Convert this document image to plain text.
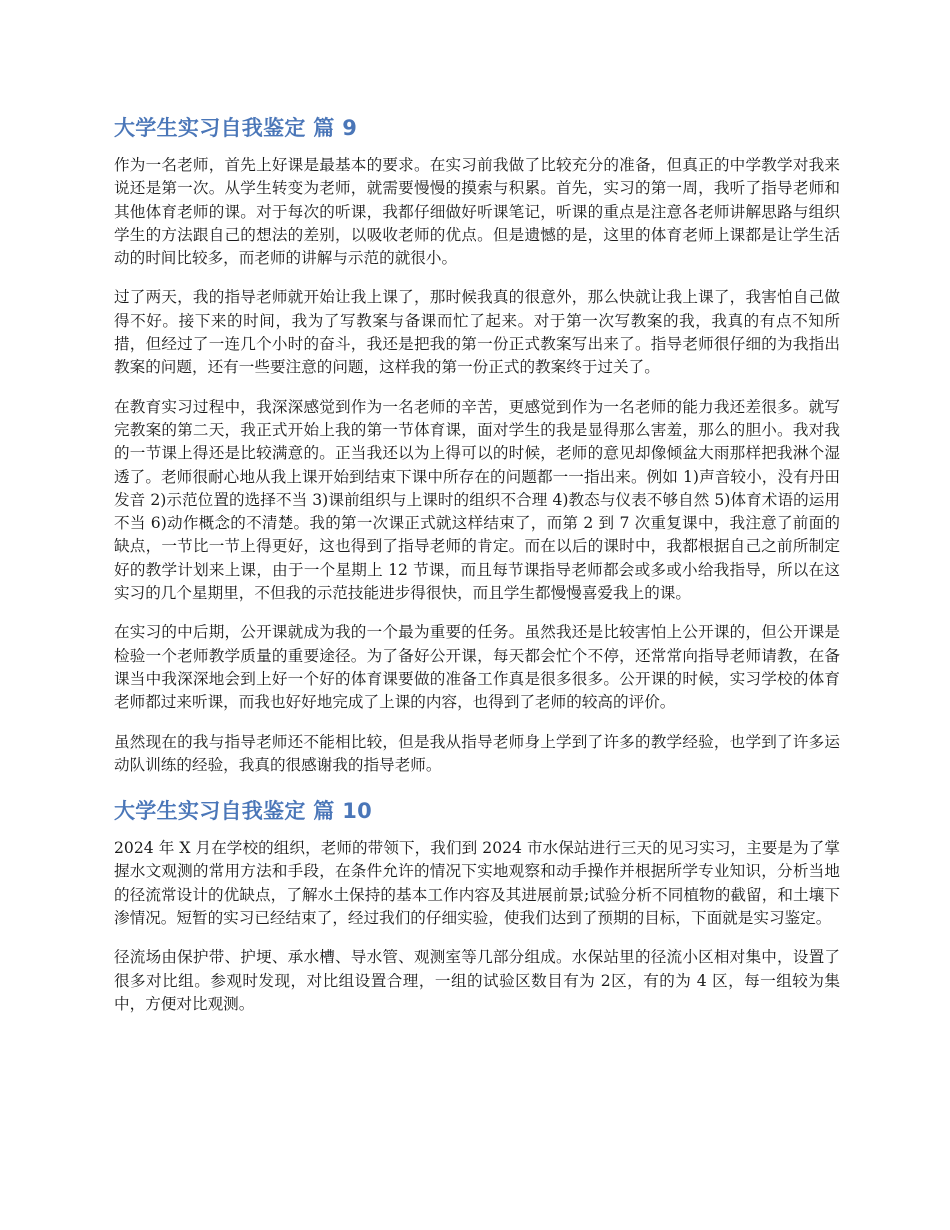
大学生实习自我鉴定 篇 9

作为一名老师，首先上好课是最基本的要求。在实习前我做了比较充分的准备，但真正的中学教学对我来说还是第一次。从学生转变为老师，就需要慢慢的摸索与积累。首先，实习的第一周，我听了指导老师和其他体育老师的课。对于每次的听课，我都仔细做好听课笔记，听课的重点是注意各老师讲解思路与组织学生的方法跟自己的想法的差别，以吸收老师的优点。但是遗憾的是，这里的体育老师上课都是让学生活动的时间比较多，而老师的讲解与示范的就很小。

过了两天，我的指导老师就开始让我上课了，那时候我真的很意外，那么快就让我上课了，我害怕自己做得不好。接下来的时间，我为了写教案与备课而忙了起来。对于第一次写教案的我，我真的有点不知所措，但经过了一连几个小时的奋斗，我还是把我的第一份正式教案写出来了。指导老师很仔细的为我指出教案的问题，还有一些要注意的问题，这样我的第一份正式的教案终于过关了。

在教育实习过程中，我深深感觉到作为一名老师的辛苦，更感觉到作为一名老师的能力我还差很多。就写完教案的第二天，我正式开始上我的第一节体育课，面对学生的我是显得那么害羞，那么的胆小。我对我的一节课上得还是比较满意的。正当我还以为上得可以的时候，老师的意见却像倾盆大雨那样把我淋个湿透了。老师很耐心地从我上课开始到结束下课中所存在的问题都一一指出来。例如 1)声音较小，没有丹田发音 2)示范位置的选择不当 3)课前组织与上课时的组织不合理 4)教态与仪表不够自然 5)体育术语的运用不当 6)动作概念的不清楚。我的第一次课正式就这样结束了，而第 2 到 7 次重复课中，我注意了前面的缺点，一节比一节上得更好，这也得到了指导老师的肯定。而在以后的课时中，我都根据自己之前所制定好的教学计划来上课，由于一个星期上 12 节课，而且每节课指导老师都会或多或小给我指导，所以在这实习的几个星期里，不但我的示范技能进步得很快，而且学生都慢慢喜爱我上的课。

在实习的中后期，公开课就成为我的一个最为重要的任务。虽然我还是比较害怕上公开课的，但公开课是检验一个老师教学质量的重要途径。为了备好公开课，每天都会忙个不停，还常常向指导老师请教，在备课当中我深深地会到上好一个好的体育课要做的准备工作真是很多很多。公开课的时候，实习学校的体育老师都过来听课，而我也好好地完成了上课的内容，也得到了老师的较高的评价。

虽然现在的我与指导老师还不能相比较，但是我从指导老师身上学到了许多的教学经验，也学到了许多运动队训练的经验，我真的很感谢我的指导老师。

大学生实习自我鉴定 篇 10

2024 年 X 月在学校的组织，老师的带领下，我们到 2024 市水保站进行三天的见习实习，主要是为了掌握水文观测的常用方法和手段，在条件允许的情况下实地观察和动手操作并根据所学专业知识，分析当地的径流常设计的优缺点，了解水土保持的基本工作内容及其进展前景;试验分析不同植物的截留，和土壤下渗情况。短暂的实习已经结束了，经过我们的仔细实验，使我们达到了预期的目标，下面就是实习鉴定。

径流场由保护带、护埂、承水槽、导水管、观测室等几部分组成。水保站里的径流小区相对集中，设置了很多对比组。参观时发现，对比组设置合理，一组的试验区数目有为 2区，有的为 4 区，每一组较为集中，方便对比观测。
